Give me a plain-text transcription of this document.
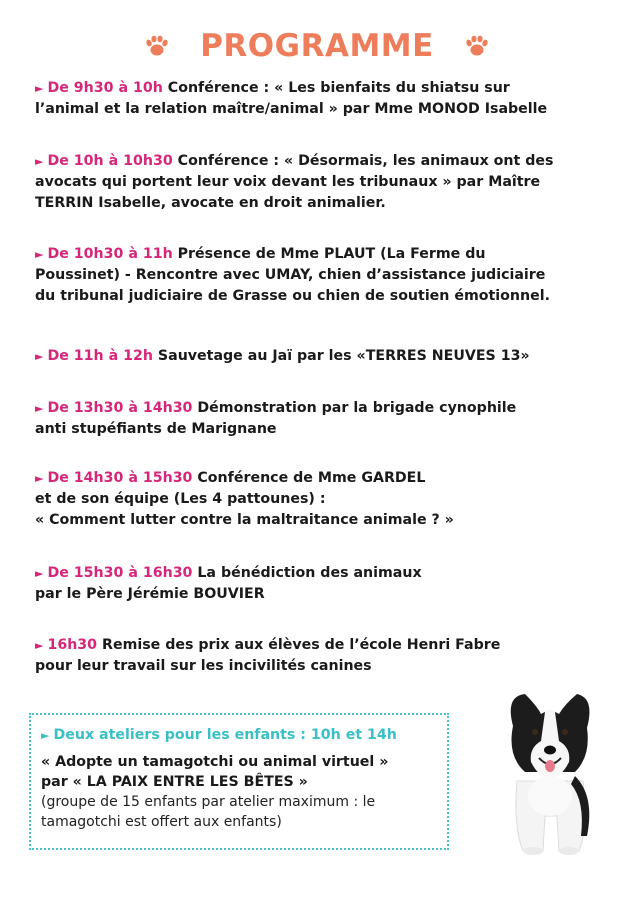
PROGRAMME
► De 9h30 à 10h Conférence : « Les bienfaits du shiatsu sur
l’animal et la relation maître/animal » par Mme MONOD Isabelle
► De 10h à 10h30 Conférence : « Désormais, les animaux ont des
avocats qui portent leur voix devant les tribunaux » par Maître
TERRIN Isabelle, avocate en droit animalier.
► De 10h30 à 11h Présence de Mme PLAUT (La Ferme du
Poussinet) - Rencontre avec UMAY, chien d’assistance judiciaire
du tribunal judiciaire de Grasse ou chien de soutien émotionnel.
► De 11h à 12h Sauvetage au Jaï par les «TERRES NEUVES 13»
► De 13h30 à 14h30 Démonstration par la brigade cynophile
anti stupéfiants de Marignane
► De 14h30 à 15h30 Conférence de Mme GARDEL
et de son équipe (Les 4 pattounes) :
« Comment lutter contre la maltraitance animale ? »
► De 15h30 à 16h30 La bénédiction des animaux
par le Père Jérémie BOUVIER
► 16h30 Remise des prix aux élèves de l’école Henri Fabre
pour leur travail sur les incivilités canines
► Deux ateliers pour les enfants : 10h et 14h
« Adopte un tamagotchi ou animal virtuel »
par « LA PAIX ENTRE LES BÊTES »
(groupe de 15 enfants par atelier maximum : le
tamagotchi est offert aux enfants)
